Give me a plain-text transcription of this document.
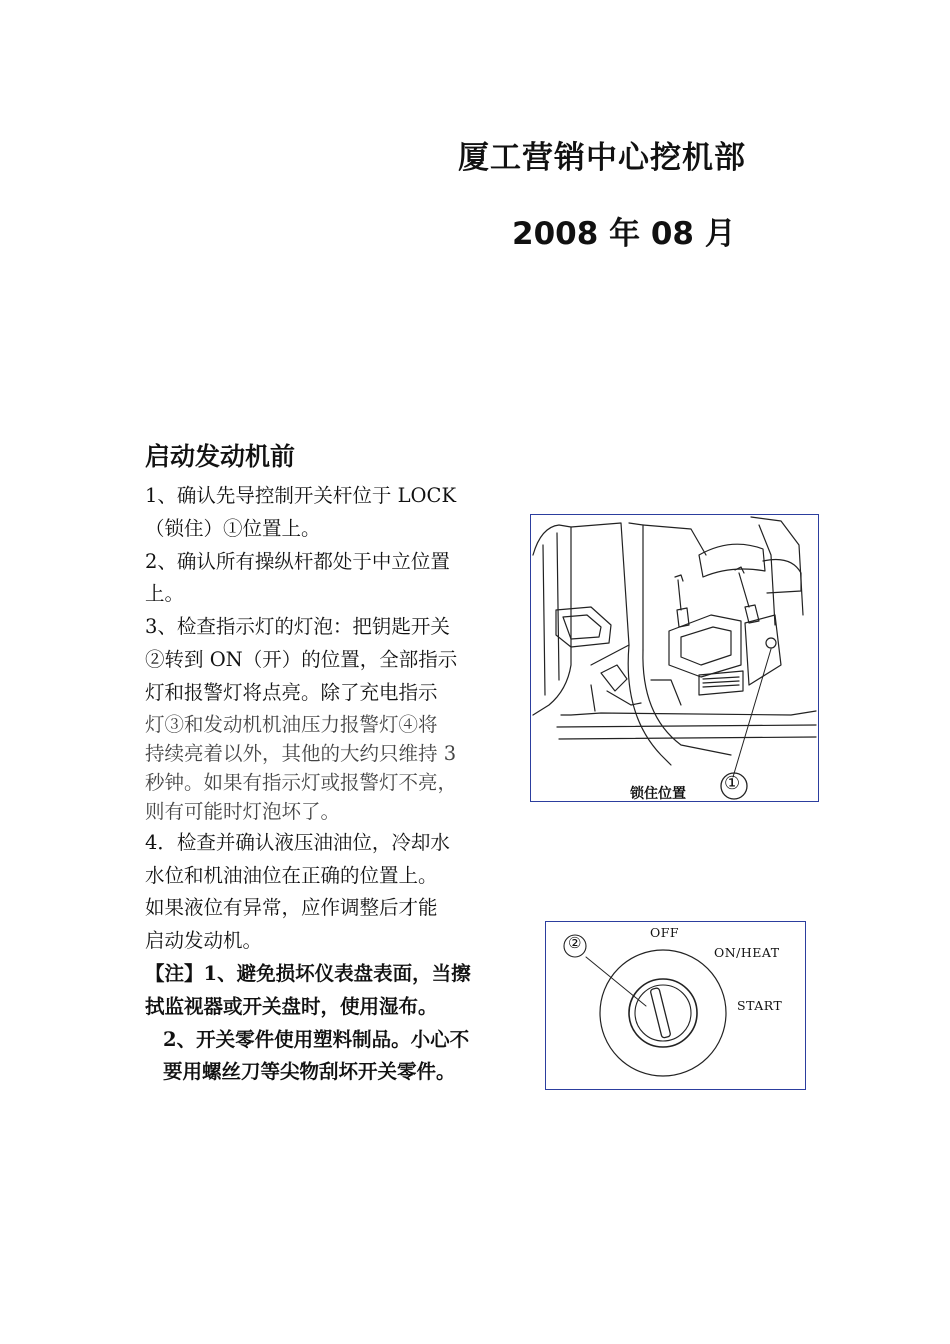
厦工营销中心挖机部
2008 年 08 月
启动发动机前

1、确认先导控制开关杆位于 LOCK
（锁住）①位置上。

2、确认所有操纵杆都处于中立位置
上。

3、检查指示灯的灯泡：把钥匙开关
②转到 ON（开）的位置，全部指示
灯和报警灯将点亮。除了充电指示
灯③和发动机机油压力报警灯④将
持续亮着以外，其他的大约只维持 3
秒钟。如果有指示灯或报警灯不亮，
则有可能时灯泡坏了。

4．检查并确认液压油油位，冷却水
水位和机油油位在正确的位置上。
如果液位有异常，应作调整后才能
启动发动机。

【注】1、避免损坏仪表盘表面，当擦
拭监视器或开关盘时，使用湿布。
2、开关零件使用塑料制品。小心不
要用螺丝刀等尖物刮坏开关零件。

锁住位置 ①
②
OFF
ON/HEAT
START
